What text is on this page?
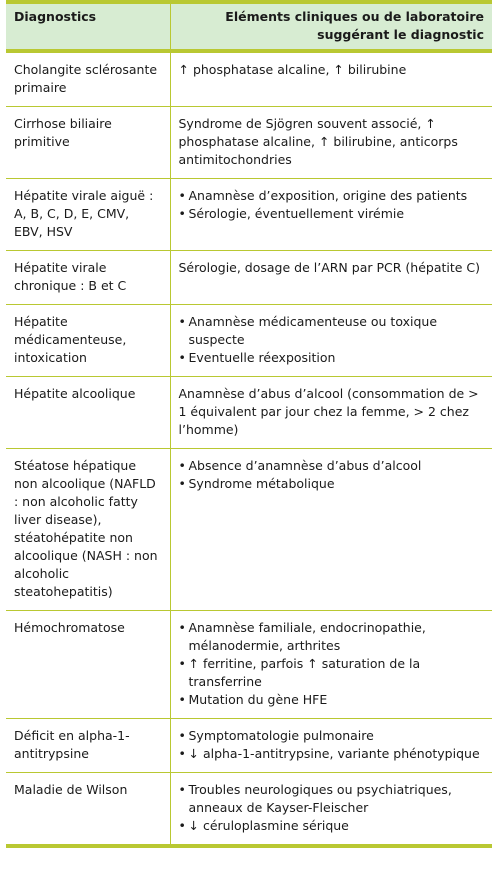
Diagnostics	Eléments cliniques ou de laboratoire suggérant le diagnostic
Cholangite sclérosante primaire	↑ phosphatase alcaline, ↑ bilirubine
Cirrhose biliaire primitive	Syndrome de Sjögren souvent associé, ↑ phosphatase alcaline, ↑ bilirubine, anticorps antimitochondries
Hépatite virale aiguë : A, B, C, D, E, CMV, EBV, HSV	• Anamnèse d’exposition, origine des patients
• Sérologie, éventuellement virémie

Hépatite virale chronique : B et C	Sérologie, dosage de l’ARN par PCR (hépatite C)
Hépatite médicamenteuse, intoxication	• Anamnèse médicamenteuse ou toxique suspecte
• Eventuelle réexposition

Hépatite alcoolique	Anamnèse d’abus d’alcool (consommation de > 1 équivalent par jour chez la femme, > 2 chez l’homme)
Stéatose hépatique non alcoolique (NAFLD : non alcoholic fatty liver disease), stéatohépatite non alcoolique (NASH : non alcoholic steatohepatitis)	• Absence d’anamnèse d’abus d’alcool
• Syndrome métabolique

Hémochromatose	• Anamnèse familiale, endocrinopathie, mélanodermie, arthrites
• ↑ ferritine, parfois ↑ saturation de la transferrine
• Mutation du gène HFE

Déficit en alpha-1-antitrypsine	• Symptomatologie pulmonaire
• ↓ alpha-1-antitrypsine, variante phénotypique

Maladie de Wilson	• Troubles neurologiques ou psychiatriques, anneaux de Kayser-Fleischer
• ↓ céruloplasmine sérique
